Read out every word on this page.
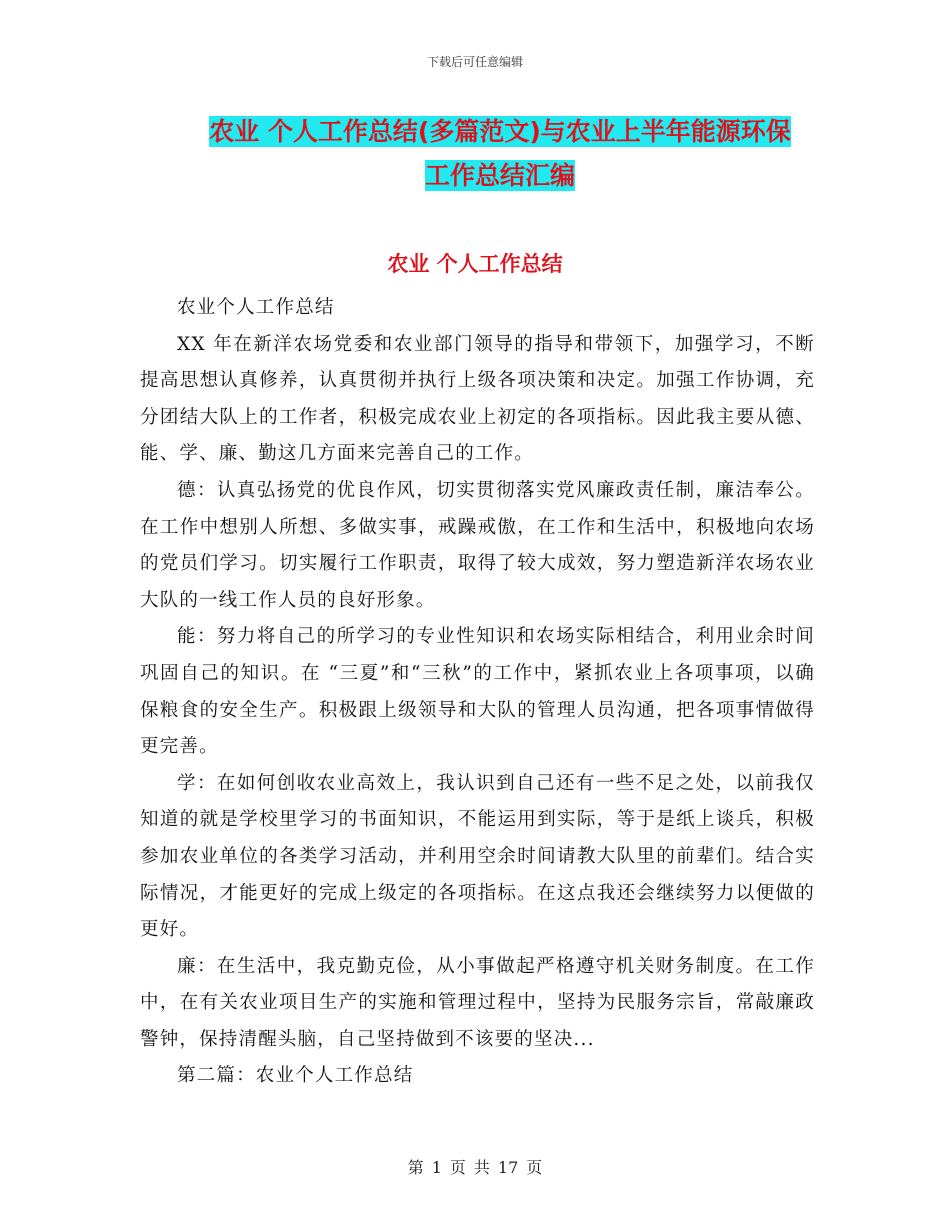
下载后可任意编辑
农业 个人工作总结(多篇范文)与农业上半年能源环保
工作总结汇编
农业 个人工作总结

农业个人工作总结

XX 年在新洋农场党委和农业部门领导的指导和带领下，加强学习，不断提高思想认真修养，认真贯彻并执行上级各项决策和决定。加强工作协调，充分团结大队上的工作者，积极完成农业上初定的各项指标。因此我主要从德、能、学、廉、勤这几方面来完善自己的工作。

德：认真弘扬党的优良作风，切实贯彻落实党风廉政责任制，廉洁奉公。在工作中想别人所想、多做实事，戒躁戒傲，在工作和生活中，积极地向农场的党员们学习。切实履行工作职责，取得了较大成效，努力塑造新洋农场农业大队的一线工作人员的良好形象。

能：努力将自己的所学习的专业性知识和农场实际相结合，利用业余时间巩固自己的知识。在 “三夏”和“三秋”的工作中，紧抓农业上各项事项，以确保粮食的安全生产。积极跟上级领导和大队的管理人员沟通，把各项事情做得更完善。

学：在如何创收农业高效上，我认识到自己还有一些不足之处，以前我仅知道的就是学校里学习的书面知识，不能运用到实际，等于是纸上谈兵，积极参加农业单位的各类学习活动，并利用空余时间请教大队里的前辈们。结合实际情况，才能更好的完成上级定的各项指标。在这点我还会继续努力以便做的更好。

廉：在生活中，我克勤克俭，从小事做起严格遵守机关财务制度。在工作中，在有关农业项目生产的实施和管理过程中，坚持为民服务宗旨，常敲廉政警钟，保持清醒头脑，自己坚持做到不该要的坚决...

第二篇：农业个人工作总结

第 1 页 共 17 页
